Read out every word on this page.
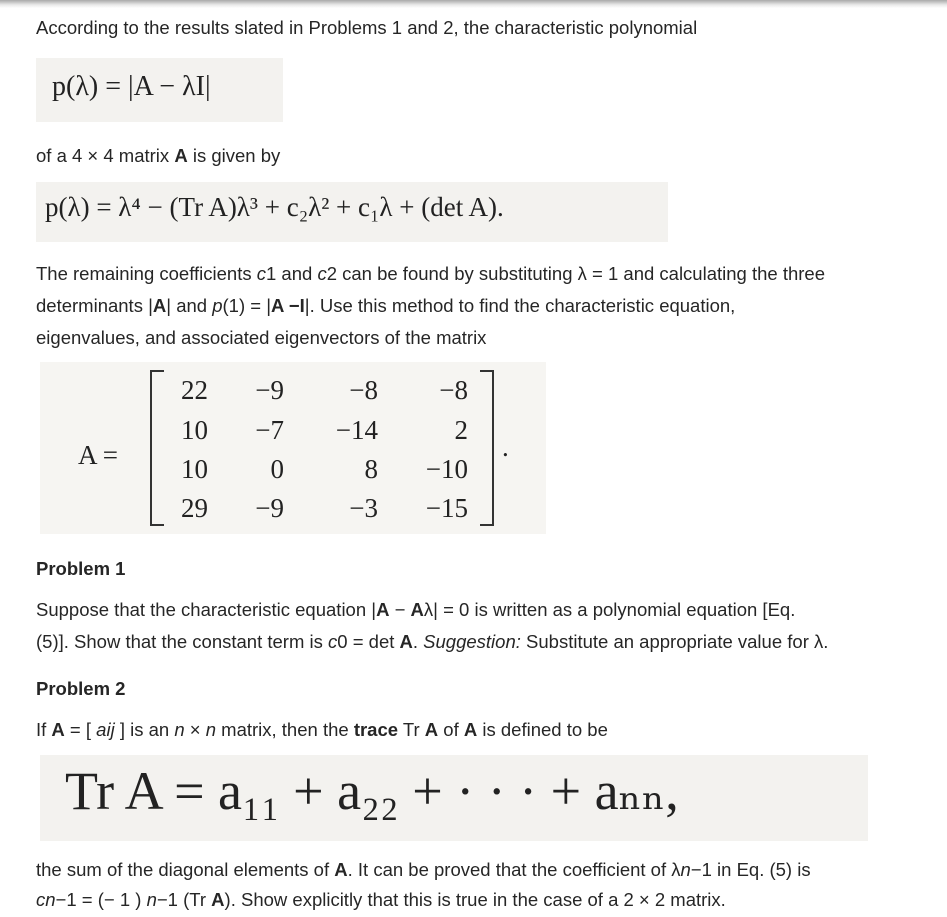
According to the results slated in Problems 1 and 2, the characteristic polynomial

p(λ) = |A − λI|

of a 4 × 4 matrix A is given by

p(λ) = λ⁴ − (Tr A)λ³ + c₂λ² + c₁λ + (det A).

The remaining coefficients c1 and c2 can be found by substituting λ = 1 and calculating the three

determinants |A| and p(1) = |A −I|. Use this method to find the characteristic equation,

eigenvalues, and associated eigenvectors of the matrix

A =
22	−9	−8	−8
10	−7	−14	2
10	0	8	−10
29	−9	−3	−15
.

Problem 1

Suppose that the characteristic equation |A − Aλ| = 0 is written as a polynomial equation [Eq.

(5)]. Show that the constant term is c0 = det A. Suggestion: Substitute an appropriate value for λ.

Problem 2

If A = [ aij ] is an n × n matrix, then the trace Tr A of A is defined to be

Tr A = a₁₁ + a₂₂ + · · · + aₙₙ,

the sum of the diagonal elements of A. It can be proved that the coefficient of λn−1 in Eq. (5) is

cn−1 = (− 1 ) n−1 (Tr A). Show explicitly that this is true in the case of a 2 × 2 matrix.
